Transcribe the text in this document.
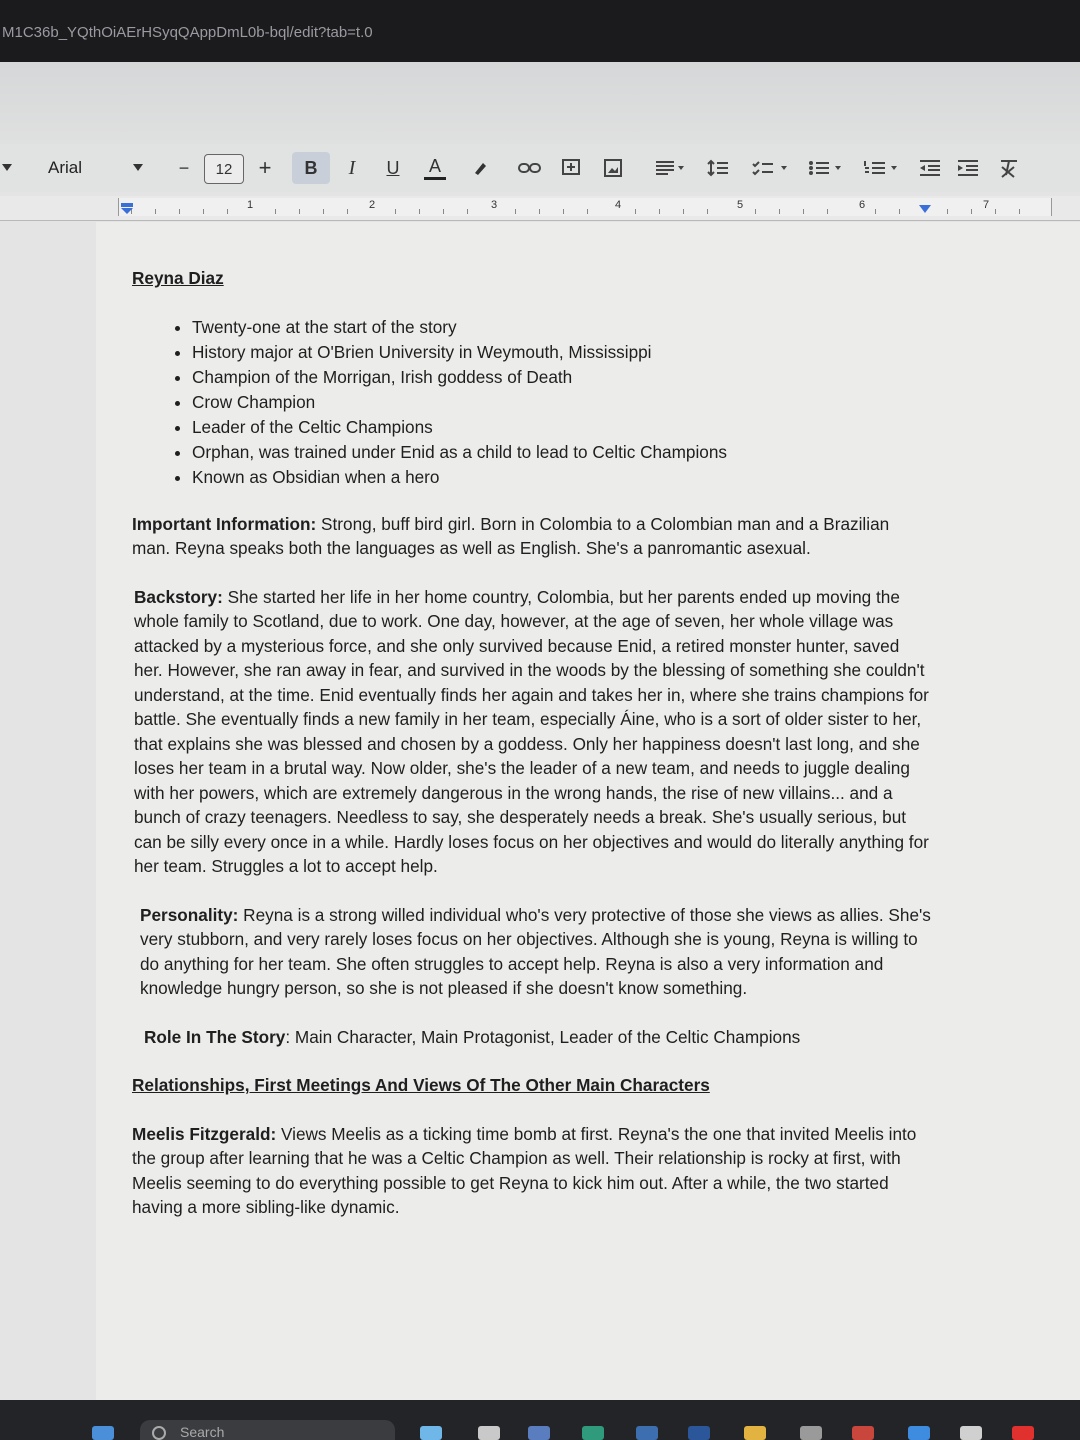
M1C36b_YQthOiAErHSyqQAppDmL0b-bql/edit?tab=t.0
Arial	−	12	+	B	I	U	A
1	2	3	4	5	6	7

Reyna Diaz

• Twenty-one at the start of the story
• History major at O'Brien University in Weymouth, Mississippi
• Champion of the Morrigan, Irish goddess of Death
• Crow Champion
• Leader of the Celtic Champions
• Orphan, was trained under Enid as a child to lead to Celtic Champions
• Known as Obsidian when a hero

Important Information: Strong, buff bird girl. Born in Colombia to a Colombian man and a Brazilian man. Reyna speaks both the languages as well as English. She's a panromantic asexual.

Backstory: She started her life in her home country, Colombia, but her parents ended up moving the whole family to Scotland, due to work. One day, however, at the age of seven, her whole village was attacked by a mysterious force, and she only survived because Enid, a retired monster hunter, saved her. However, she ran away in fear, and survived in the woods by the blessing of something she couldn't understand, at the time. Enid eventually finds her again and takes her in, where she trains champions for battle. She eventually finds a new family in her team, especially Áine, who is a sort of older sister to her, that explains she was blessed and chosen by a goddess. Only her happiness doesn't last long, and she loses her team in a brutal way. Now older, she's the leader of a new team, and needs to juggle dealing with her powers, which are extremely dangerous in the wrong hands, the rise of new villains... and a bunch of crazy teenagers. Needless to say, she desperately needs a break. She's usually serious, but can be silly every once in a while. Hardly loses focus on her objectives and would do literally anything for her team. Struggles a lot to accept help.

Personality: Reyna is a strong willed individual who's very protective of those she views as allies. She's very stubborn, and very rarely loses focus on her objectives. Although she is young, Reyna is willing to do anything for her team. She often struggles to accept help. Reyna is also a very information and knowledge hungry person, so she is not pleased if she doesn't know something.

Role In The Story: Main Character, Main Protagonist, Leader of the Celtic Champions

Relationships, First Meetings And Views Of The Other Main Characters

Meelis Fitzgerald: Views Meelis as a ticking time bomb at first. Reyna's the one that invited Meelis into the group after learning that he was a Celtic Champion as well. Their relationship is rocky at first, with Meelis seeming to do everything possible to get Reyna to kick him out. After a while, the two started having a more sibling-like dynamic.

Search
